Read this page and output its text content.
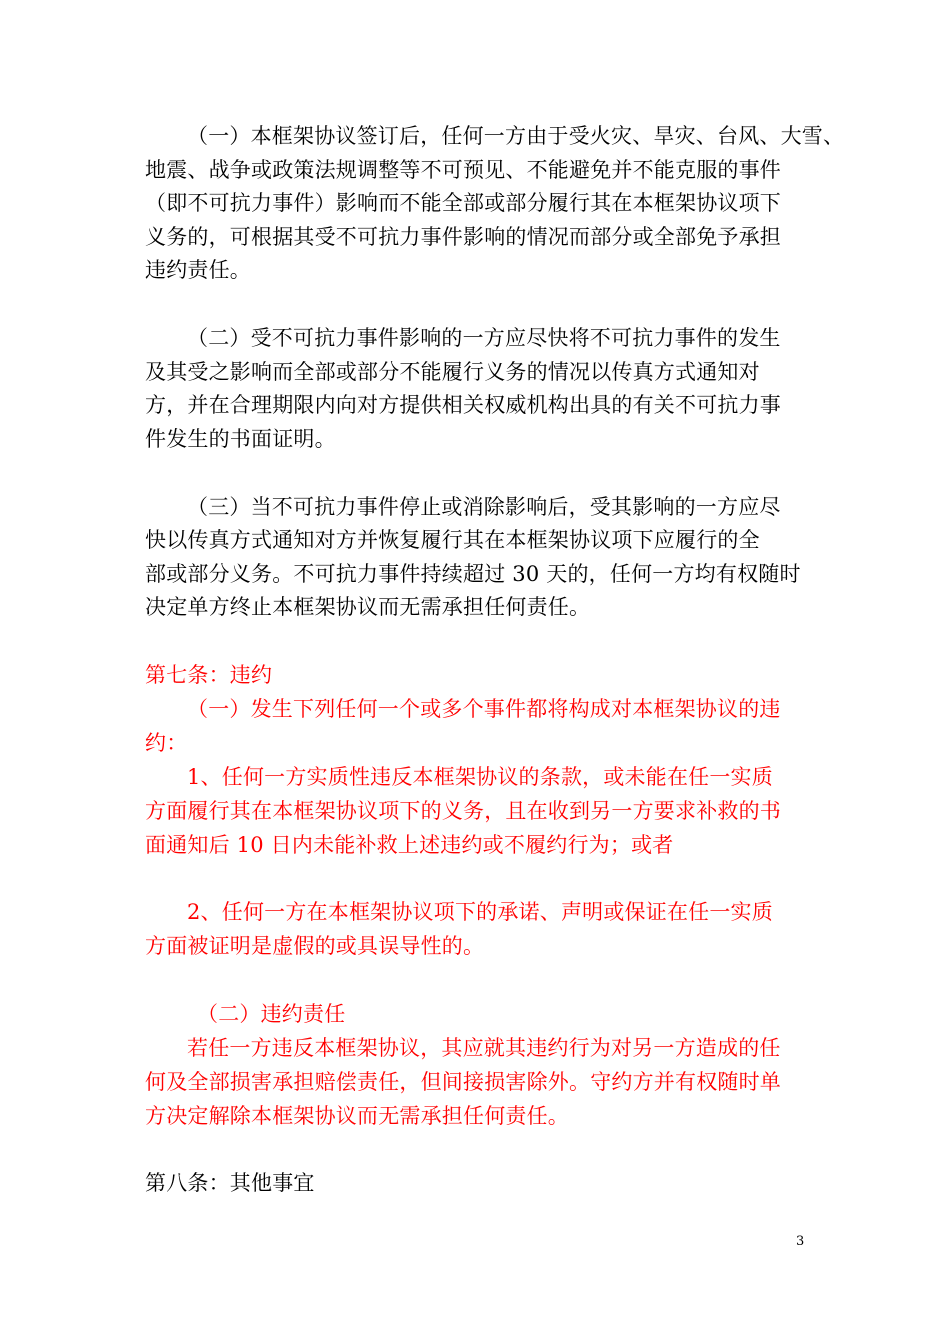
（一）本框架协议签订后，任何一方由于受火灾、旱灾、台风、大雪、
地震、战争或政策法规调整等不可预见、不能避免并不能克服的事件
（即不可抗力事件）影响而不能全部或部分履行其在本框架协议项下
义务的，可根据其受不可抗力事件影响的情况而部分或全部免予承担
违约责任。
（二）受不可抗力事件影响的一方应尽快将不可抗力事件的发生
及其受之影响而全部或部分不能履行义务的情况以传真方式通知对
方，并在合理期限内向对方提供相关权威机构出具的有关不可抗力事
件发生的书面证明。
（三）当不可抗力事件停止或消除影响后，受其影响的一方应尽
快以传真方式通知对方并恢复履行其在本框架协议项下应履行的全
部或部分义务。不可抗力事件持续超过 30 天的，任何一方均有权随时
决定单方终止本框架协议而无需承担任何责任。
第七条：违约
（一）发生下列任何一个或多个事件都将构成对本框架协议的违
约：
1、任何一方实质性违反本框架协议的条款，或未能在任一实质
方面履行其在本框架协议项下的义务，且在收到另一方要求补救的书
面通知后 10 日内未能补救上述违约或不履约行为；或者
2、任何一方在本框架协议项下的承诺、声明或保证在任一实质
方面被证明是虚假的或具误导性的。
（二）违约责任
若任一方违反本框架协议，其应就其违约行为对另一方造成的任
何及全部损害承担赔偿责任，但间接损害除外。守约方并有权随时单
方决定解除本框架协议而无需承担任何责任。
第八条：其他事宜
3
